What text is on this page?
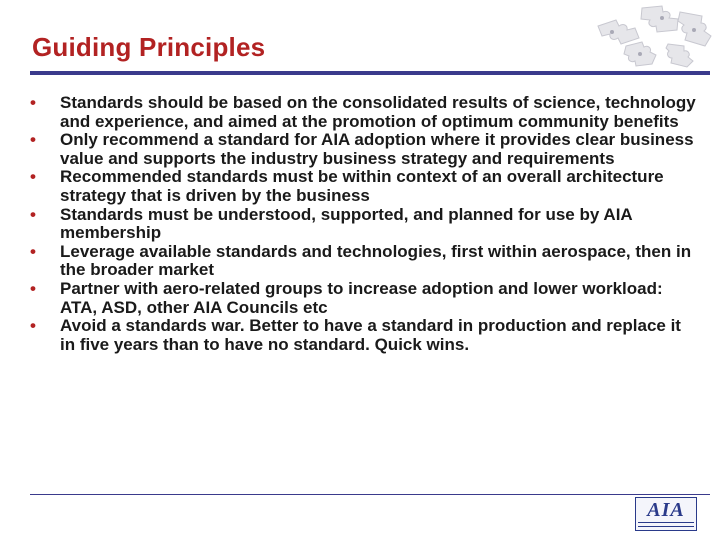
Guiding Principles
•	Standards should be based on the consolidated results of science, technology and experience, and aimed at the promotion of optimum community benefits
•	Only recommend a standard for AIA adoption where it provides clear business value and supports the industry business strategy and requirements
•	Recommended standards must be within context of an overall architecture strategy that is driven by the business
•	Standards must be understood, supported, and planned for use by AIA membership
•	Leverage available standards and technologies, first within aerospace, then in the broader market
•	Partner with aero-related groups to increase adoption and lower workload: ATA, ASD, other AIA Councils etc
•	Avoid a standards war. Better to have a standard in production and replace it in five years than to have no standard. Quick wins.
AIA
